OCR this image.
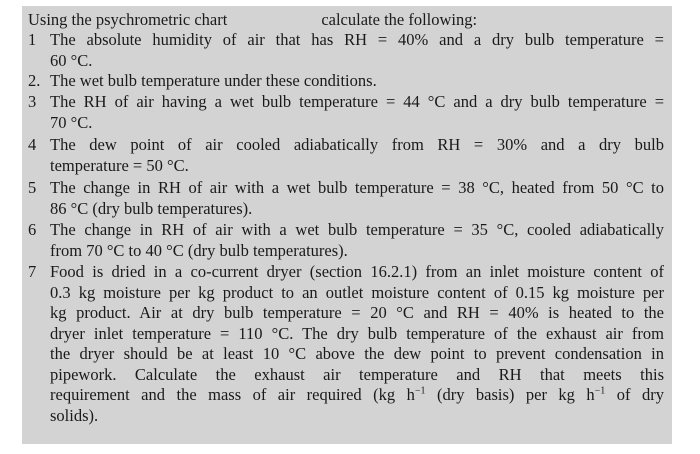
Using the psychrometric chart	calculate the following:
1 The absolute humidity of air that has RH = 40% and a dry bulb temperature =
60 °C.
2. The wet bulb temperature under these conditions.
3 The RH of air having a wet bulb temperature = 44 °C and a dry bulb temperature =
70 °C.
4 The dew point of air cooled adiabatically from RH = 30% and a dry bulb
temperature = 50 °C.
5 The change in RH of air with a wet bulb temperature = 38 °C, heated from 50 °C to
86 °C (dry bulb temperatures).
6 The change in RH of air with a wet bulb temperature = 35 °C, cooled adiabatically
from 70 °C to 40 °C (dry bulb temperatures).
7 Food is dried in a co-current dryer (section 16.2.1) from an inlet moisture content of
0.3 kg moisture per kg product to an outlet moisture content of 0.15 kg moisture per
kg product. Air at dry bulb temperature = 20 °C and RH = 40% is heated to the
dryer inlet temperature = 110 °C. The dry bulb temperature of the exhaust air from
the dryer should be at least 10 °C above the dew point to prevent condensation in
pipework. Calculate the exhaust air temperature and RH that meets this
requirement and the mass of air required (kg $h^{-1}$ (dry basis) per kg $h^{-1}$ of dry
solids).
